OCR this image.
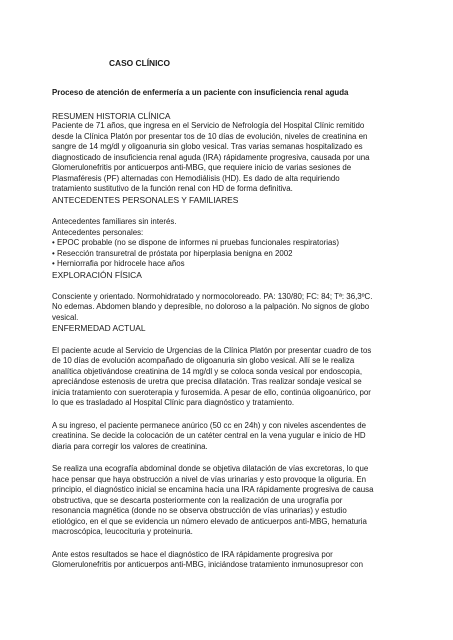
CASO CLÍNICO
Proceso de atención de enfermería a un paciente con insuficiencia renal aguda
RESUMEN HISTORIA CLÍNICA
Paciente de 71 años, que ingresa en el Servicio de Nefrología del Hospital Clínic remitido
desde la Clínica Platón por presentar tos de 10 días de evolución, niveles de creatinina en
sangre de 14 mg/dl y oligoanuria sin globo vesical. Tras varias semanas hospitalizado es
diagnosticado de insuficiencia renal aguda (IRA) rápidamente progresiva, causada por una
Glomerulonefritis por anticuerpos anti-MBG, que requiere inicio de varias sesiones de
Plasmaféresis (PF) alternadas con Hemodiálisis (HD). Es dado de alta requiriendo
tratamiento sustitutivo de la función renal con HD de forma definitiva.
ANTECEDENTES PERSONALES Y FAMILIARES
Antecedentes familiares sin interés.
Antecedentes personales:
• EPOC probable (no se dispone de informes ni pruebas funcionales respiratorias)
• Resección transuretral de próstata por hiperplasia benigna en 2002
• Herniorrafia por hidrocele hace años
EXPLORACIÓN FÍSICA
Consciente y orientado. Normohidratado y normocoloreado. PA: 130/80; FC: 84; Tª: 36,3ºC.
No edemas. Abdomen blando y depresible, no doloroso a la palpación. No signos de globo
vesical.
ENFERMEDAD ACTUAL
El paciente acude al Servicio de Urgencias de la Clínica Platón por presentar cuadro de tos
de 10 días de evolución acompañado de oligoanuria sin globo vesical. Allí se le realiza
analítica objetivándose creatinina de 14 mg/dl y se coloca sonda vesical por endoscopia,
apreciándose estenosis de uretra que precisa dilatación. Tras realizar sondaje vesical se
inicia tratamiento con sueroterapia y furosemida. A pesar de ello, continúa oligoanúrico, por
lo que es trasladado al Hospital Clínic para diagnóstico y tratamiento.
A su ingreso, el paciente permanece anúrico (50 cc en 24h) y con niveles ascendentes de
creatinina. Se decide la colocación de un catéter central en la vena yugular e inicio de HD
diaria para corregir los valores de creatinina.
Se realiza una ecografía abdominal donde se objetiva dilatación de vías excretoras, lo que
hace pensar que haya obstrucción a nivel de vías urinarias y esto provoque la oliguria. En
principio, el diagnóstico inicial se encamina hacia una IRA rápidamente progresiva de causa
obstructiva, que se descarta posteriormente con la realización de una urografía por
resonancia magnética (donde no se observa obstrucción de vías urinarias) y estudio
etiológico, en el que se evidencia un número elevado de anticuerpos anti-MBG, hematuria
macroscópica, leucocituria y proteinuria.
Ante estos resultados se hace el diagnóstico de IRA rápidamente progresiva por
Glomerulonefritis por anticuerpos anti-MBG, iniciándose tratamiento inmunosupresor con
